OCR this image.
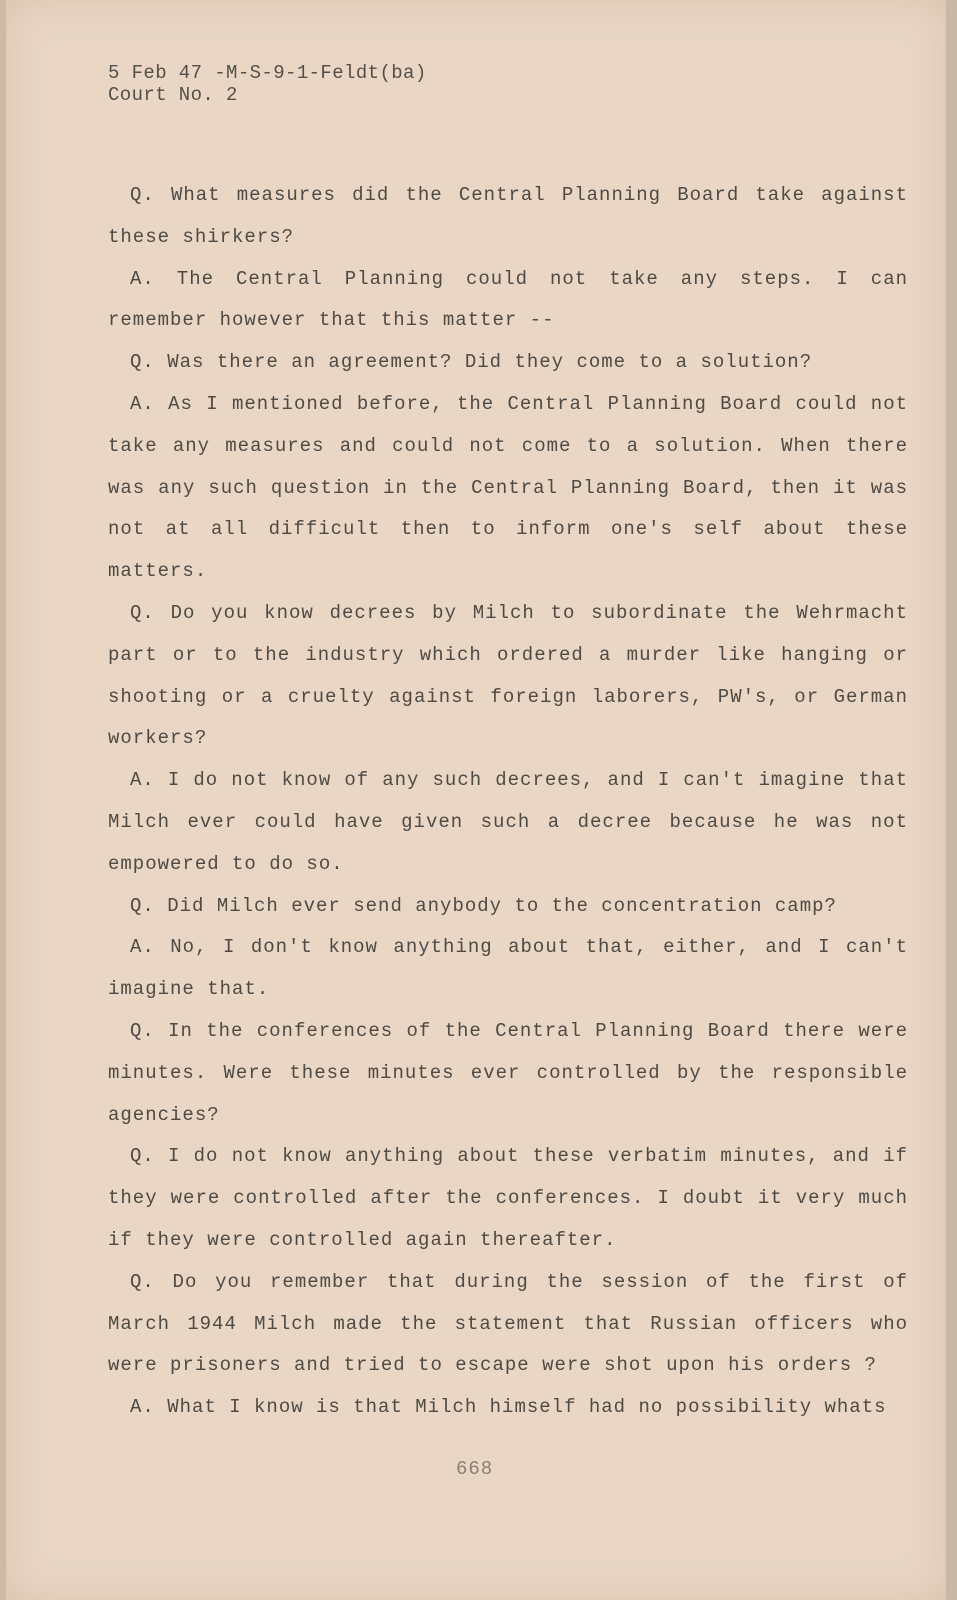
5 Feb 47 -M-S-9-1-Feldt(ba)
Court No. 2

Q. What measures did the Central Planning Board take against these shirkers?

A. The Central Planning could not take any steps. I can remember however that this matter --

Q. Was there an agreement? Did they come to a solution?

A. As I mentioned before, the Central Planning Board could not take any measures and could not come to a solution. When there was any such question in the Central Planning Board, then it was not at all difficult then to inform one's self about these matters.

Q. Do you know decrees by Milch to subordinate the Wehrmacht part or to the industry which ordered a murder like hanging or shooting or a cruelty against foreign laborers, PW's, or German workers?

A. I do not know of any such decrees, and I can't imagine that Milch ever could have given such a decree because he was not empowered to do so.

Q. Did Milch ever send anybody to the concentration camp?

A. No, I don't know anything about that, either, and I can't imagine that.

Q. In the conferences of the Central Planning Board there were minutes. Were these minutes ever controlled by the responsible agencies?

Q. I do not know anything about these verbatim minutes, and if they were controlled after the conferences. I doubt it very much if they were controlled again thereafter.

Q. Do you remember that during the session of the first of March 1944 Milch made the statement that Russian officers who were prisoners and tried to escape were shot upon his orders ?

A. What I know is that Milch himself had no possibility whats

668
